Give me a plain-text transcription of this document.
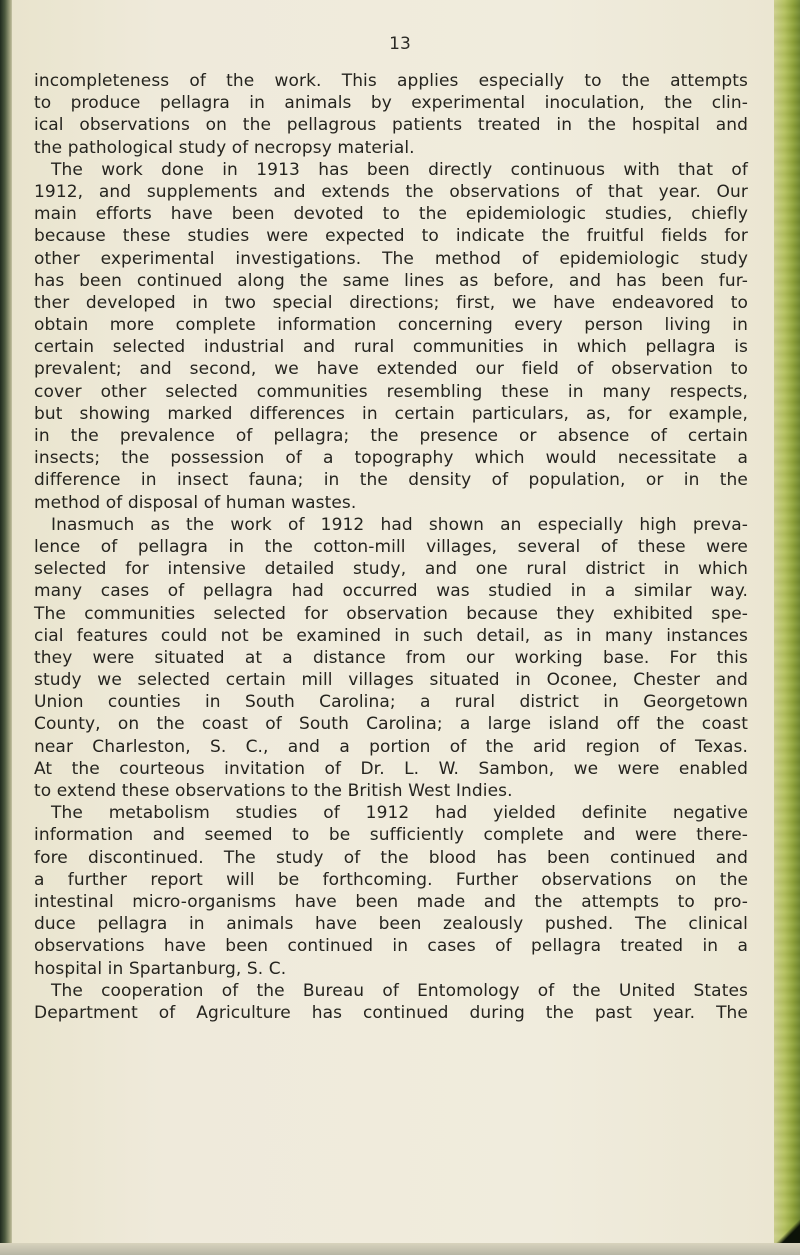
13
incompleteness of the work. This applies especially to the attempts
to produce pellagra in animals by experimental inoculation, the clin-
ical observations on the pellagrous patients treated in the hospital and
the pathological study of necropsy material.
The work done in 1913 has been directly continuous with that of
1912, and supplements and extends the observations of that year. Our
main efforts have been devoted to the epidemiologic studies, chiefly
because these studies were expected to indicate the fruitful fields for
other experimental investigations. The method of epidemiologic study
has been continued along the same lines as before, and has been fur-
ther developed in two special directions; first, we have endeavored to
obtain more complete information concerning every person living in
certain selected industrial and rural communities in which pellagra is
prevalent; and second, we have extended our field of observation to
cover other selected communities resembling these in many respects,
but showing marked differences in certain particulars, as, for example,
in the prevalence of pellagra; the presence or absence of certain
insects; the possession of a topography which would necessitate a
difference in insect fauna; in the density of population, or in the
method of disposal of human wastes.
Inasmuch as the work of 1912 had shown an especially high preva-
lence of pellagra in the cotton-mill villages, several of these were
selected for intensive detailed study, and one rural district in which
many cases of pellagra had occurred was studied in a similar way.
The communities selected for observation because they exhibited spe-
cial features could not be examined in such detail, as in many instances
they were situated at a distance from our working base. For this
study we selected certain mill villages situated in Oconee, Chester and
Union counties in South Carolina; a rural district in Georgetown
County, on the coast of South Carolina; a large island off the coast
near Charleston, S. C., and a portion of the arid region of Texas.
At the courteous invitation of Dr. L. W. Sambon, we were enabled
to extend these observations to the British West Indies.
The metabolism studies of 1912 had yielded definite negative
information and seemed to be sufficiently complete and were there-
fore discontinued. The study of the blood has been continued and
a further report will be forthcoming. Further observations on the
intestinal micro-organisms have been made and the attempts to pro-
duce pellagra in animals have been zealously pushed. The clinical
observations have been continued in cases of pellagra treated in a
hospital in Spartanburg, S. C.
The cooperation of the Bureau of Entomology of the United States
Department of Agriculture has continued during the past year. The
